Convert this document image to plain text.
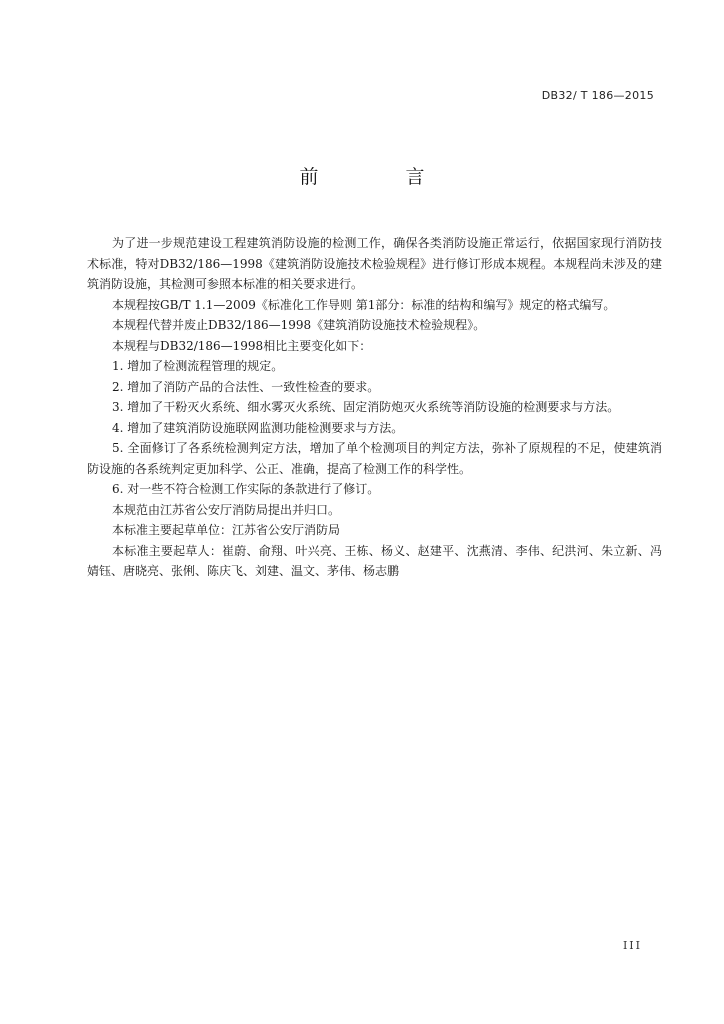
DB32/ T 186—2015
前　言

为了进一步规范建设工程建筑消防设施的检测工作，确保各类消防设施正常运行，依据国家现行消防技术标准，特对DB32/186—1998《建筑消防设施技术检验规程》进行修订形成本规程。本规程尚未涉及的建筑消防设施，其检测可参照本标准的相关要求进行。

本规程按GB/T 1.1—2009《标准化工作导则 第1部分：标准的结构和编写》规定的格式编写。

本规程代替并废止DB32/186—1998《建筑消防设施技术检验规程》。

本规程与DB32/186—1998相比主要变化如下：

1. 增加了检测流程管理的规定。

2. 增加了消防产品的合法性、一致性检查的要求。

3. 增加了干粉灭火系统、细水雾灭火系统、固定消防炮灭火系统等消防设施的检测要求与方法。

4. 增加了建筑消防设施联网监测功能检测要求与方法。

5. 全面修订了各系统检测判定方法，增加了单个检测项目的判定方法，弥补了原规程的不足，使建筑消防设施的各系统判定更加科学、公正、准确，提高了检测工作的科学性。

6. 对一些不符合检测工作实际的条款进行了修订。

本规范由江苏省公安厅消防局提出并归口。

本标准主要起草单位：江苏省公安厅消防局

本标准主要起草人：崔蔚、俞翔、叶兴亮、王栋、杨义、赵建平、沈燕清、李伟、纪洪河、朱立新、冯婧钰、唐晓亮、张俐、陈庆飞、刘建、温文、茅伟、杨志鹏

III
